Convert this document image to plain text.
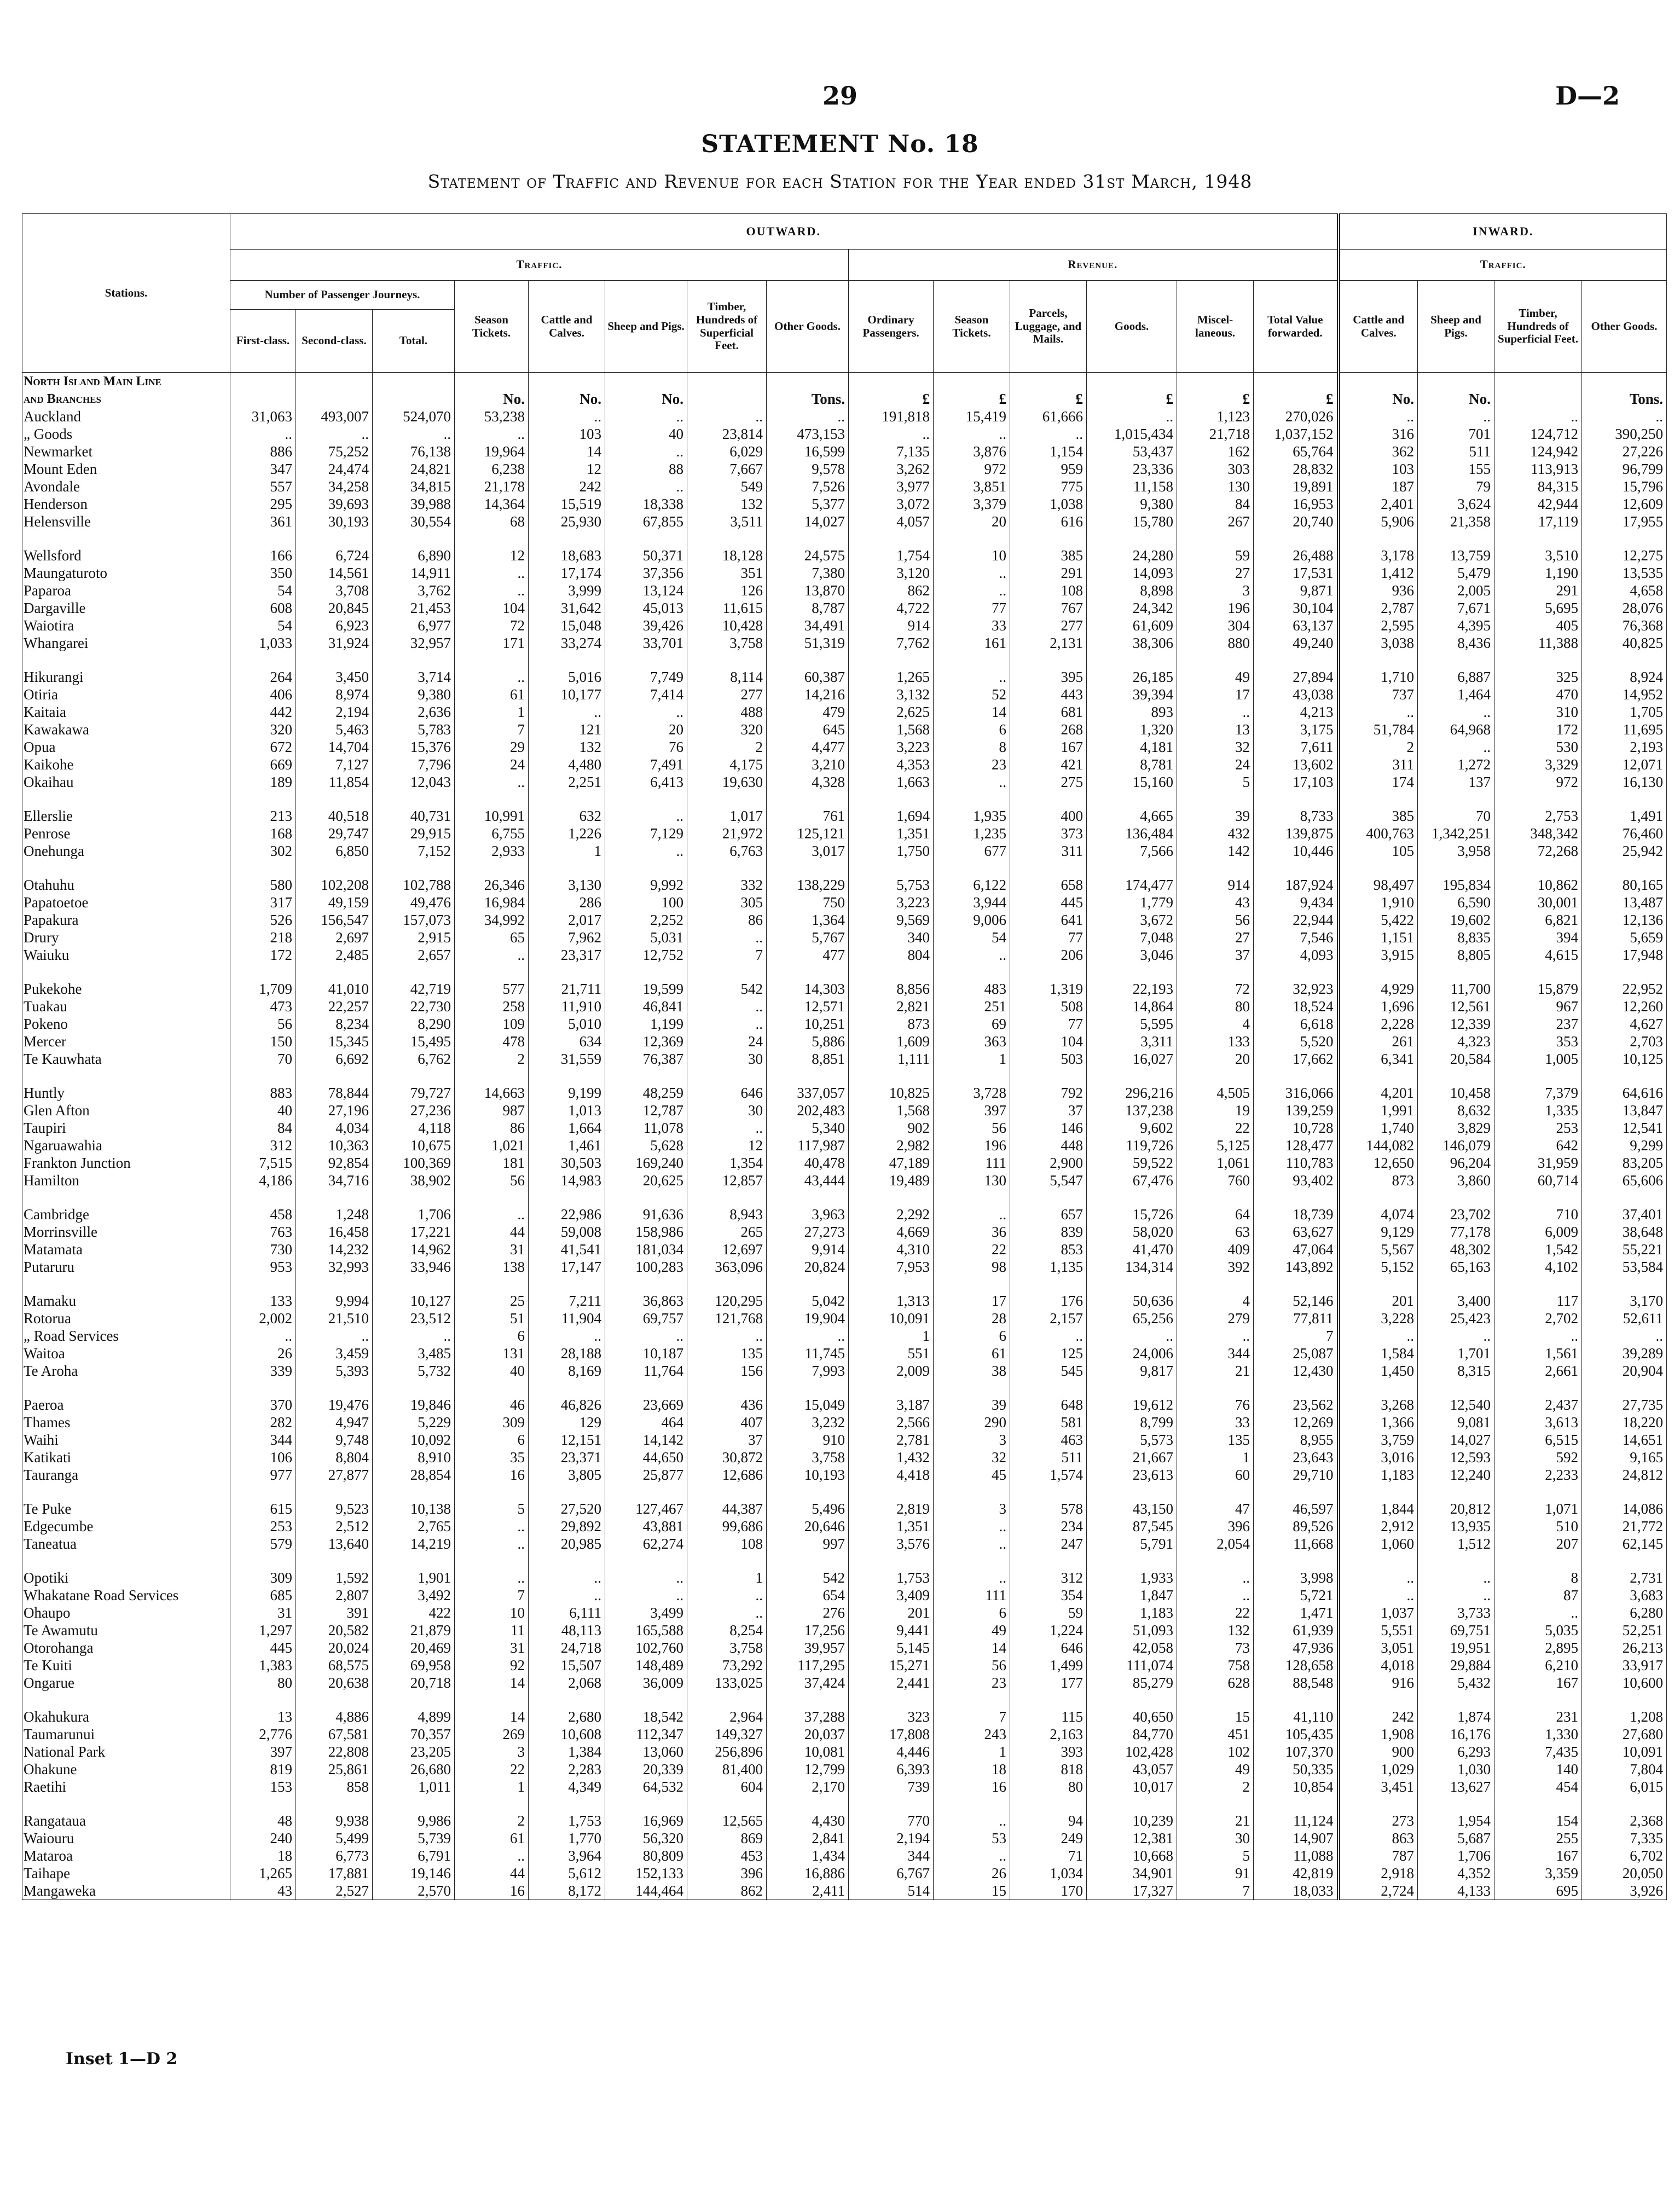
29	D—2
STATEMENT No. 18
Statement of Traffic and Revenue for each Station for the Year ended 31st March, 1948
Stations.	OUTWARD.														INWARD.			
	Traffic.								Revenue.						Traffic.			
	Number of Passenger Journeys.			Season Tickets.	Cattle and Calves.	Sheep and Pigs.	Timber, Hundreds of Superficial Feet.	Other Goods.	Ordinary Passengers.	Season Tickets.	Parcels, Luggage, and Mails.	Goods.	Miscel-laneous.	Total Value forwarded.	Cattle and Calves.	Sheep and Pigs.	Timber, Hundreds of Superficial Feet.	Other Goods.
	First-class.	Second-class.	Total.															
North Island Main Line																		
and Branches				No.	No.	No.		Tons.	£	£	£	£	£	£	No.	No.		Tons.
Auckland	31,063	493,007	524,070	53,238	..	..	..	..	191,818	15,419	61,666	..	1,123	270,026	..	..	..	..
„ Goods	..	..	..	..	103	40	23,814	473,153	..	..	..	1,015,434	21,718	1,037,152	316	701	124,712	390,250
Newmarket	886	75,252	76,138	19,964	14	..	6,029	16,599	7,135	3,876	1,154	53,437	162	65,764	362	511	124,942	27,226
Mount Eden	347	24,474	24,821	6,238	12	88	7,667	9,578	3,262	972	959	23,336	303	28,832	103	155	113,913	96,799
Avondale	557	34,258	34,815	21,178	242	..	549	7,526	3,977	3,851	775	11,158	130	19,891	187	79	84,315	15,796
Henderson	295	39,693	39,988	14,364	15,519	18,338	132	5,377	3,072	3,379	1,038	9,380	84	16,953	2,401	3,624	42,944	12,609
Helensville	361	30,193	30,554	68	25,930	67,855	3,511	14,027	4,057	20	616	15,780	267	20,740	5,906	21,358	17,119	17,955

Wellsford	166	6,724	6,890	12	18,683	50,371	18,128	24,575	1,754	10	385	24,280	59	26,488	3,178	13,759	3,510	12,275
Maungaturoto	350	14,561	14,911	..	17,174	37,356	351	7,380	3,120	..	291	14,093	27	17,531	1,412	5,479	1,190	13,535
Paparoa	54	3,708	3,762	..	3,999	13,124	126	13,870	862	..	108	8,898	3	9,871	936	2,005	291	4,658
Dargaville	608	20,845	21,453	104	31,642	45,013	11,615	8,787	4,722	77	767	24,342	196	30,104	2,787	7,671	5,695	28,076
Waiotira	54	6,923	6,977	72	15,048	39,426	10,428	34,491	914	33	277	61,609	304	63,137	2,595	4,395	405	76,368
Whangarei	1,033	31,924	32,957	171	33,274	33,701	3,758	51,319	7,762	161	2,131	38,306	880	49,240	3,038	8,436	11,388	40,825

Hikurangi	264	3,450	3,714	..	5,016	7,749	8,114	60,387	1,265	..	395	26,185	49	27,894	1,710	6,887	325	8,924
Otiria	406	8,974	9,380	61	10,177	7,414	277	14,216	3,132	52	443	39,394	17	43,038	737	1,464	470	14,952
Kaitaia	442	2,194	2,636	1	..	..	488	479	2,625	14	681	893	..	4,213	..	..	310	1,705
Kawakawa	320	5,463	5,783	7	121	20	320	645	1,568	6	268	1,320	13	3,175	51,784	64,968	172	11,695
Opua	672	14,704	15,376	29	132	76	2	4,477	3,223	8	167	4,181	32	7,611	2	..	530	2,193
Kaikohe	669	7,127	7,796	24	4,480	7,491	4,175	3,210	4,353	23	421	8,781	24	13,602	311	1,272	3,329	12,071
Okaihau	189	11,854	12,043	..	2,251	6,413	19,630	4,328	1,663	..	275	15,160	5	17,103	174	137	972	16,130

Ellerslie	213	40,518	40,731	10,991	632	..	1,017	761	1,694	1,935	400	4,665	39	8,733	385	70	2,753	1,491
Penrose	168	29,747	29,915	6,755	1,226	7,129	21,972	125,121	1,351	1,235	373	136,484	432	139,875	400,763	1,342,251	348,342	76,460
Onehunga	302	6,850	7,152	2,933	1	..	6,763	3,017	1,750	677	311	7,566	142	10,446	105	3,958	72,268	25,942

Otahuhu	580	102,208	102,788	26,346	3,130	9,992	332	138,229	5,753	6,122	658	174,477	914	187,924	98,497	195,834	10,862	80,165
Papatoetoe	317	49,159	49,476	16,984	286	100	305	750	3,223	3,944	445	1,779	43	9,434	1,910	6,590	30,001	13,487
Papakura	526	156,547	157,073	34,992	2,017	2,252	86	1,364	9,569	9,006	641	3,672	56	22,944	5,422	19,602	6,821	12,136
Drury	218	2,697	2,915	65	7,962	5,031	..	5,767	340	54	77	7,048	27	7,546	1,151	8,835	394	5,659
Waiuku	172	2,485	2,657	..	23,317	12,752	7	477	804	..	206	3,046	37	4,093	3,915	8,805	4,615	17,948

Pukekohe	1,709	41,010	42,719	577	21,711	19,599	542	14,303	8,856	483	1,319	22,193	72	32,923	4,929	11,700	15,879	22,952
Tuakau	473	22,257	22,730	258	11,910	46,841	..	12,571	2,821	251	508	14,864	80	18,524	1,696	12,561	967	12,260
Pokeno	56	8,234	8,290	109	5,010	1,199	..	10,251	873	69	77	5,595	4	6,618	2,228	12,339	237	4,627
Mercer	150	15,345	15,495	478	634	12,369	24	5,886	1,609	363	104	3,311	133	5,520	261	4,323	353	2,703
Te Kauwhata	70	6,692	6,762	2	31,559	76,387	30	8,851	1,111	1	503	16,027	20	17,662	6,341	20,584	1,005	10,125

Huntly	883	78,844	79,727	14,663	9,199	48,259	646	337,057	10,825	3,728	792	296,216	4,505	316,066	4,201	10,458	7,379	64,616
Glen Afton	40	27,196	27,236	987	1,013	12,787	30	202,483	1,568	397	37	137,238	19	139,259	1,991	8,632	1,335	13,847
Taupiri	84	4,034	4,118	86	1,664	11,078	..	5,340	902	56	146	9,602	22	10,728	1,740	3,829	253	12,541
Ngaruawahia	312	10,363	10,675	1,021	1,461	5,628	12	117,987	2,982	196	448	119,726	5,125	128,477	144,082	146,079	642	9,299
Frankton Junction	7,515	92,854	100,369	181	30,503	169,240	1,354	40,478	47,189	111	2,900	59,522	1,061	110,783	12,650	96,204	31,959	83,205
Hamilton	4,186	34,716	38,902	56	14,983	20,625	12,857	43,444	19,489	130	5,547	67,476	760	93,402	873	3,860	60,714	65,606

Cambridge	458	1,248	1,706	..	22,986	91,636	8,943	3,963	2,292	..	657	15,726	64	18,739	4,074	23,702	710	37,401
Morrinsville	763	16,458	17,221	44	59,008	158,986	265	27,273	4,669	36	839	58,020	63	63,627	9,129	77,178	6,009	38,648
Matamata	730	14,232	14,962	31	41,541	181,034	12,697	9,914	4,310	22	853	41,470	409	47,064	5,567	48,302	1,542	55,221
Putaruru	953	32,993	33,946	138	17,147	100,283	363,096	20,824	7,953	98	1,135	134,314	392	143,892	5,152	65,163	4,102	53,584

Mamaku	133	9,994	10,127	25	7,211	36,863	120,295	5,042	1,313	17	176	50,636	4	52,146	201	3,400	117	3,170
Rotorua	2,002	21,510	23,512	51	11,904	69,757	121,768	19,904	10,091	28	2,157	65,256	279	77,811	3,228	25,423	2,702	52,611
„ Road Services	..	..	..	6	..	..	..	..	1	6	..	..	..	7	..	..	..	..
Waitoa	26	3,459	3,485	131	28,188	10,187	135	11,745	551	61	125	24,006	344	25,087	1,584	1,701	1,561	39,289
Te Aroha	339	5,393	5,732	40	8,169	11,764	156	7,993	2,009	38	545	9,817	21	12,430	1,450	8,315	2,661	20,904

Paeroa	370	19,476	19,846	46	46,826	23,669	436	15,049	3,187	39	648	19,612	76	23,562	3,268	12,540	2,437	27,735
Thames	282	4,947	5,229	309	129	464	407	3,232	2,566	290	581	8,799	33	12,269	1,366	9,081	3,613	18,220
Waihi	344	9,748	10,092	6	12,151	14,142	37	910	2,781	3	463	5,573	135	8,955	3,759	14,027	6,515	14,651
Katikati	106	8,804	8,910	35	23,371	44,650	30,872	3,758	1,432	32	511	21,667	1	23,643	3,016	12,593	592	9,165
Tauranga	977	27,877	28,854	16	3,805	25,877	12,686	10,193	4,418	45	1,574	23,613	60	29,710	1,183	12,240	2,233	24,812

Te Puke	615	9,523	10,138	5	27,520	127,467	44,387	5,496	2,819	3	578	43,150	47	46,597	1,844	20,812	1,071	14,086
Edgecumbe	253	2,512	2,765	..	29,892	43,881	99,686	20,646	1,351	..	234	87,545	396	89,526	2,912	13,935	510	21,772
Taneatua	579	13,640	14,219	..	20,985	62,274	108	997	3,576	..	247	5,791	2,054	11,668	1,060	1,512	207	62,145

Opotiki	309	1,592	1,901	..	..	..	1	542	1,753	..	312	1,933	..	3,998	..	..	8	2,731
Whakatane Road Services	685	2,807	3,492	7	..	..	..	654	3,409	111	354	1,847	..	5,721	..	..	87	3,683
Ohaupo	31	391	422	10	6,111	3,499	..	276	201	6	59	1,183	22	1,471	1,037	3,733	..	6,280
Te Awamutu	1,297	20,582	21,879	11	48,113	165,588	8,254	17,256	9,441	49	1,224	51,093	132	61,939	5,551	69,751	5,035	52,251
Otorohanga	445	20,024	20,469	31	24,718	102,760	3,758	39,957	5,145	14	646	42,058	73	47,936	3,051	19,951	2,895	26,213
Te Kuiti	1,383	68,575	69,958	92	15,507	148,489	73,292	117,295	15,271	56	1,499	111,074	758	128,658	4,018	29,884	6,210	33,917
Ongarue	80	20,638	20,718	14	2,068	36,009	133,025	37,424	2,441	23	177	85,279	628	88,548	916	5,432	167	10,600

Okahukura	13	4,886	4,899	14	2,680	18,542	2,964	37,288	323	7	115	40,650	15	41,110	242	1,874	231	1,208
Taumarunui	2,776	67,581	70,357	269	10,608	112,347	149,327	20,037	17,808	243	2,163	84,770	451	105,435	1,908	16,176	1,330	27,680
National Park	397	22,808	23,205	3	1,384	13,060	256,896	10,081	4,446	1	393	102,428	102	107,370	900	6,293	7,435	10,091
Ohakune	819	25,861	26,680	22	2,283	20,339	81,400	12,799	6,393	18	818	43,057	49	50,335	1,029	1,030	140	7,804
Raetihi	153	858	1,011	1	4,349	64,532	604	2,170	739	16	80	10,017	2	10,854	3,451	13,627	454	6,015

Rangataua	48	9,938	9,986	2	1,753	16,969	12,565	4,430	770	..	94	10,239	21	11,124	273	1,954	154	2,368
Waiouru	240	5,499	5,739	61	1,770	56,320	869	2,841	2,194	53	249	12,381	30	14,907	863	5,687	255	7,335
Mataroa	18	6,773	6,791	..	3,964	80,809	453	1,434	344	..	71	10,668	5	11,088	787	1,706	167	6,702
Taihape	1,265	17,881	19,146	44	5,612	152,133	396	16,886	6,767	26	1,034	34,901	91	42,819	2,918	4,352	3,359	20,050
Mangaweka	43	2,527	2,570	16	8,172	144,464	862	2,411	514	15	170	17,327	7	18,033	2,724	4,133	695	3,926
Inset 1—D 2
